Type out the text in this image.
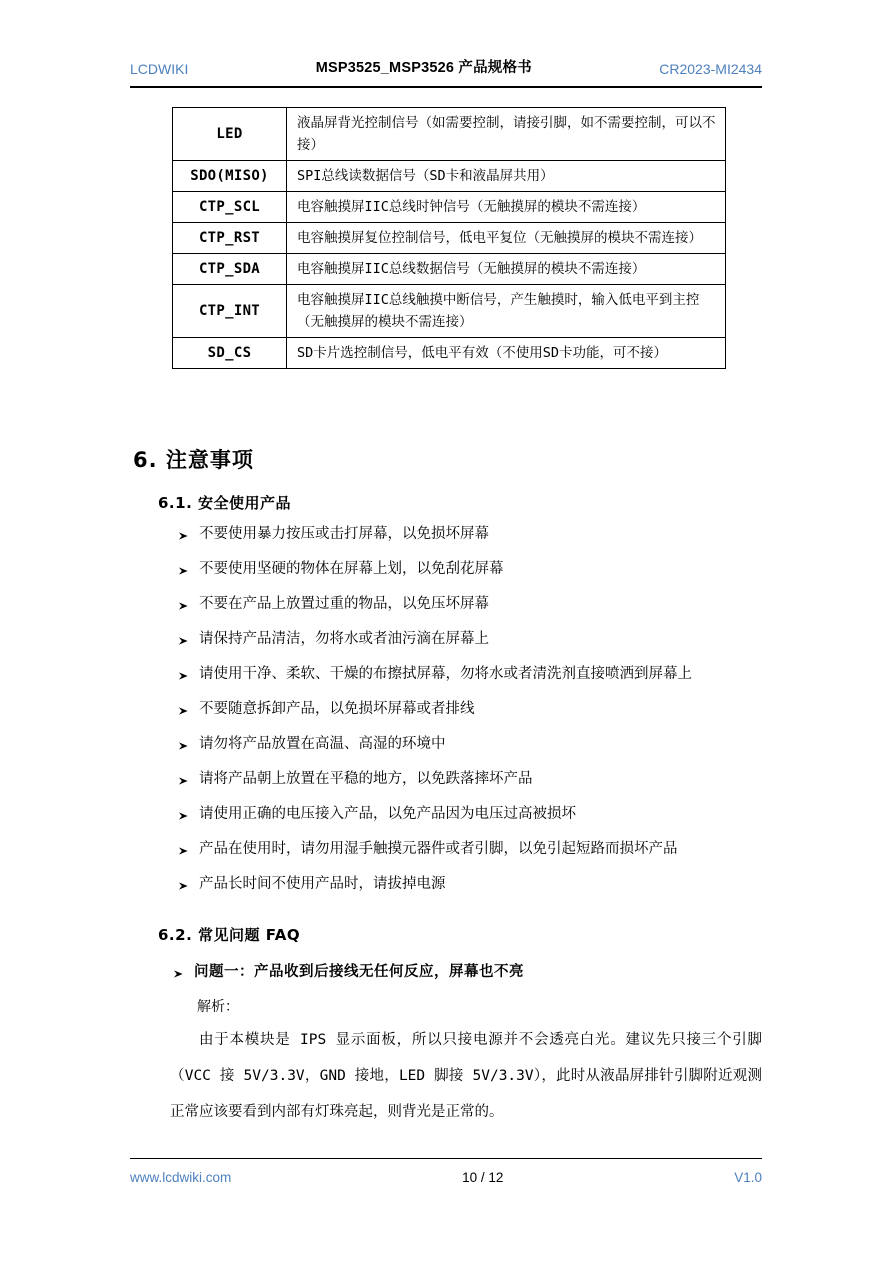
LCDWIKI	MSP3525_MSP3526 产品规格书	CR2023-MI2434
LED	液晶屏背光控制信号（如需要控制，请接引脚，如不需要控制，可以不接）
SDO(MISO)	SPI总线读数据信号（SD卡和液晶屏共用）
CTP_SCL	电容触摸屏IIC总线时钟信号（无触摸屏的模块不需连接）
CTP_RST	电容触摸屏复位控制信号，低电平复位（无触摸屏的模块不需连接）
CTP_SDA	电容触摸屏IIC总线数据信号（无触摸屏的模块不需连接）
CTP_INT	电容触摸屏IIC总线触摸中断信号，产生触摸时，输入低电平到主控（无触摸屏的模块不需连接）
SD_CS	SD卡片选控制信号，低电平有效（不使用SD卡功能，可不接）
6. 注意事项
6.1. 安全使用产品
不要使用暴力按压或击打屏幕，以免损坏屏幕
不要使用坚硬的物体在屏幕上划，以免刮花屏幕
不要在产品上放置过重的物品，以免压坏屏幕
请保持产品清洁，勿将水或者油污滴在屏幕上
请使用干净、柔软、干燥的布擦拭屏幕，勿将水或者清洗剂直接喷洒到屏幕上
不要随意拆卸产品，以免损坏屏幕或者排线
请勿将产品放置在高温、高湿的环境中
请将产品朝上放置在平稳的地方，以免跌落摔坏产品
请使用正确的电压接入产品，以免产品因为电压过高被损坏
产品在使用时，请勿用湿手触摸元器件或者引脚，以免引起短路而损坏产品
产品长时间不使用产品时，请拔掉电源
6.2. 常见问题 FAQ
问题一：产品收到后接线无任何反应，屏幕也不亮
解析：
由于本模块是 IPS 显示面板，所以只接电源并不会透亮白光。建议先只接三个引脚（VCC 接 5V/3.3V，GND 接地，LED 脚接 5V/3.3V），此时从液晶屏排针引脚附近观测正常应该要看到内部有灯珠亮起，则背光是正常的。
www.lcdwiki.com	10 / 12	V1.0
